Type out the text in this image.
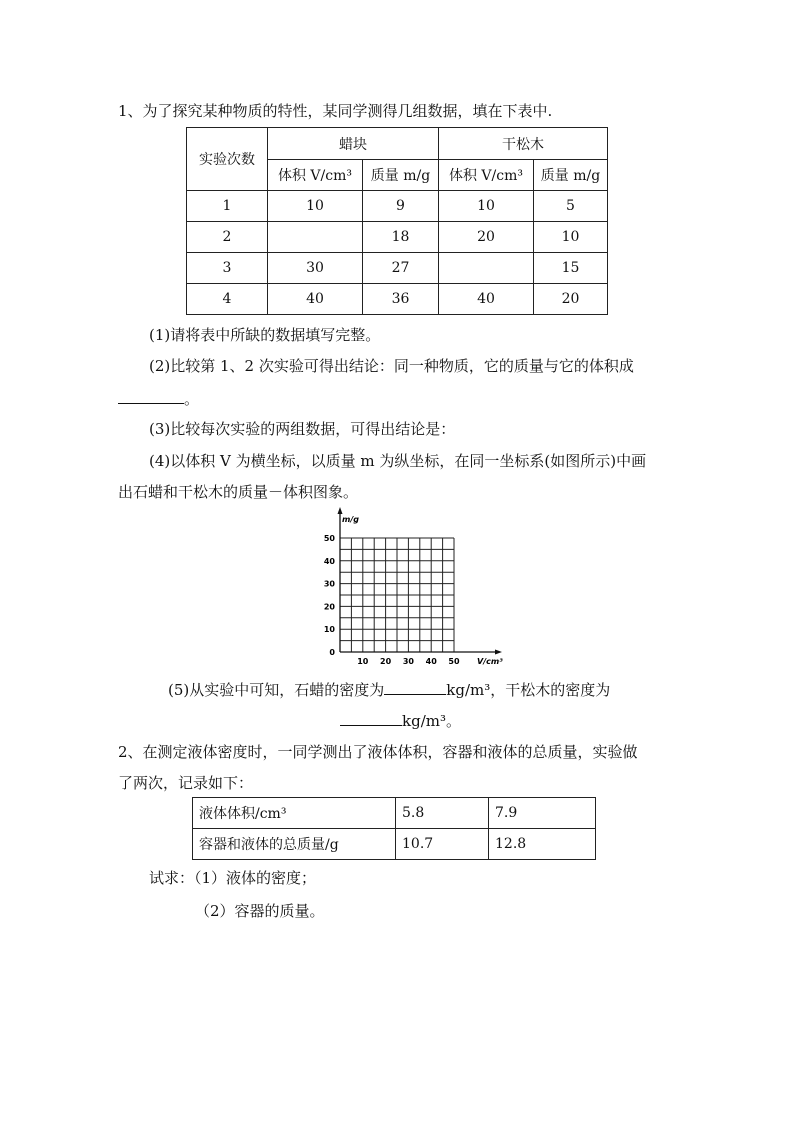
1、为了探究某种物质的特性，某同学测得几组数据，填在下表中.
实验次数	蜡块		干松木	
	体积 V/cm³	质量 m/g	体积 V/cm³	质量 m/g
1	10	9	10	5
2		18	20	10
3	30	27		15
4	40	36	40	20
(1)请将表中所缺的数据填写完整。
(2)比较第 1、2 次实验可得出结论：同一种物质，它的质量与它的体积成
。
(3)比较每次实验的两组数据，可得出结论是：
(4)以体积 V 为横坐标，以质量 m 为纵坐标，在同一坐标系(如图所示)中画
出石蜡和干松木的质量－体积图象。
m/g
V/cm³
0
10
20
30
40
50
10 20 30 40 50
(5)从实验中可知，石蜡的密度为	kg/m³，干松木的密度为
kg/m³。
2、在测定液体密度时，一同学测出了液体体积，容器和液体的总质量，实验做
了两次，记录如下：
液体体积/cm³	5.8	7.9
容器和液体的总质量/g	10.7	12.8
试求：（1）液体的密度；
（2）容器的质量。
